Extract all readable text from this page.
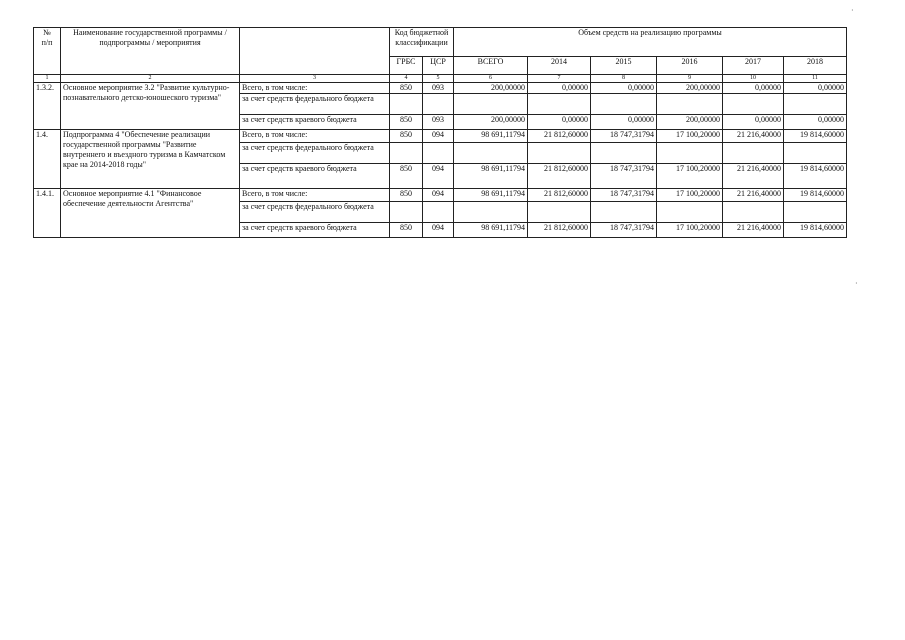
·
·
№
п/п	Наименование государственной программы / подпрограммы / мероприятия		Код бюджетной классификации		Объем средств на реализацию программы					
			ГРБС	ЦСР	ВСЕГО	2014	2015	2016	2017	2018
1	2	3	4	5	6	7	8	9	10	11
1.3.2.	Основное мероприятие 3.2 "Развитие культурно-познавательного детско-юношеского туризма"	Всего, в том числе:	850	093	200,00000	0,00000	0,00000	200,00000	0,00000	0,00000
		за счет средств федерального бюджета								
		за счет средств краевого бюджета	850	093	200,00000	0,00000	0,00000	200,00000	0,00000	0,00000
1.4.	Подпрограмма 4 "Обеспечение реализации государственной программы "Развитие внутреннего и въездного туризма в Камчатском крае на 2014-2018 годы"	Всего, в том числе:	850	094	98 691,11794	21 812,60000	18 747,31794	17 100,20000	21 216,40000	19 814,60000
		за счет средств федерального бюджета								
		за счет средств краевого бюджета	850	094	98 691,11794	21 812,60000	18 747,31794	17 100,20000	21 216,40000	19 814,60000
1.4.1.	Основное мероприятие 4.1 "Финансовое обеспечение деятельности Агентства"	Всего, в том числе:	850	094	98 691,11794	21 812,60000	18 747,31794	17 100,20000	21 216,40000	19 814,60000
		за счет средств федерального бюджета								
		за счет средств краевого бюджета	850	094	98 691,11794	21 812,60000	18 747,31794	17 100,20000	21 216,40000	19 814,60000
